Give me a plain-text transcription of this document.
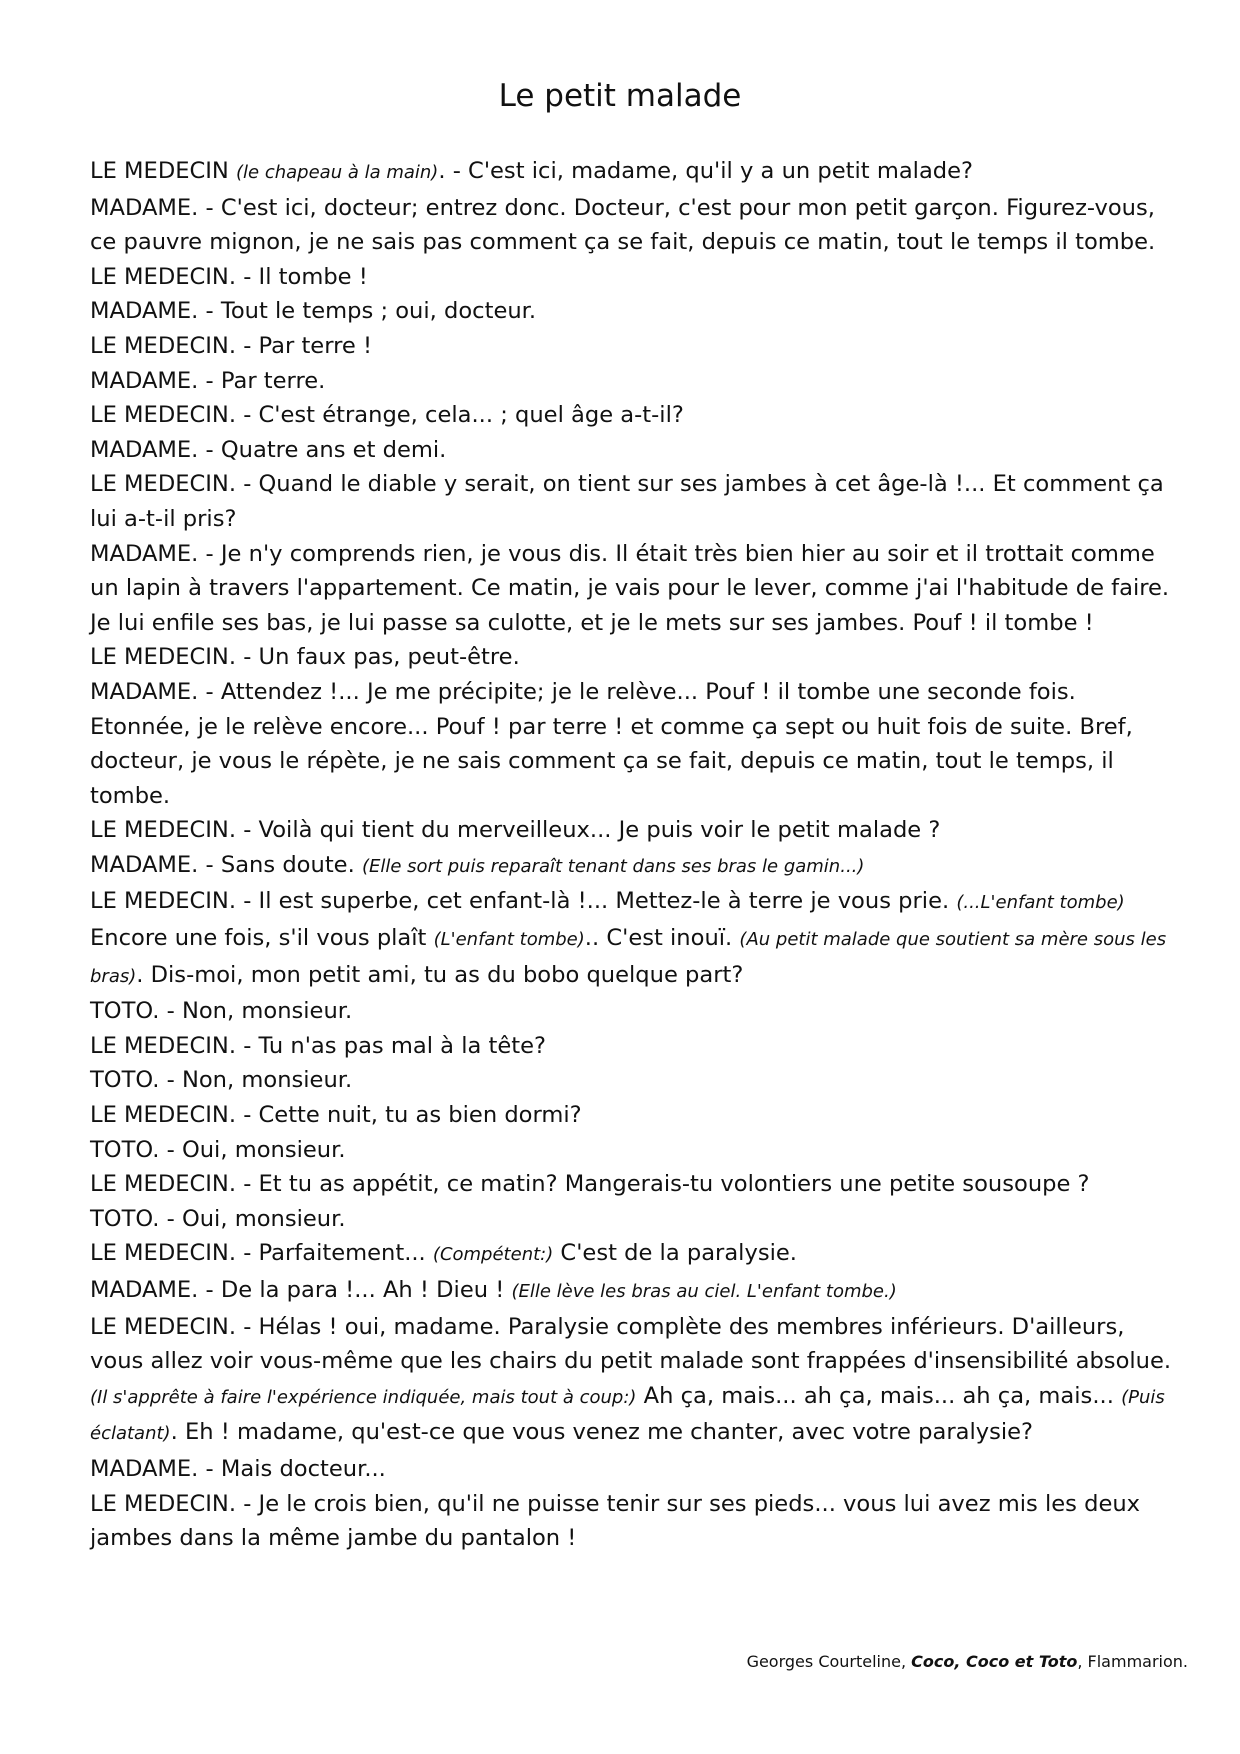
Le petit malade

LE MEDECIN (le chapeau à la main). - C'est ici, madame, qu'il y a un petit malade?

MADAME. - C'est ici, docteur; entrez donc. Docteur, c'est pour mon petit garçon. Figurez-vous, ce pauvre mignon, je ne sais pas comment ça se fait, depuis ce matin, tout le temps il tombe.

LE MEDECIN. - Il tombe !

MADAME. - Tout le temps ; oui, docteur.

LE MEDECIN. - Par terre !

MADAME. - Par terre.

LE MEDECIN. - C'est étrange, cela... ; quel âge a-t-il?

MADAME. - Quatre ans et demi.

LE MEDECIN. - Quand le diable y serait, on tient sur ses jambes à cet âge-là !... Et comment ça lui a-t-il pris?

MADAME. - Je n'y comprends rien, je vous dis. Il était très bien hier au soir et il trottait comme un lapin à travers l'appartement. Ce matin, je vais pour le lever, comme j'ai l'habitude de faire. Je lui enfile ses bas, je lui passe sa culotte, et je le mets sur ses jambes. Pouf ! il tombe !

LE MEDECIN. - Un faux pas, peut-être.

MADAME. - Attendez !... Je me précipite; je le relève... Pouf ! il tombe une seconde fois. Etonnée, je le relève encore... Pouf ! par terre ! et comme ça sept ou huit fois de suite. Bref, docteur, je vous le répète, je ne sais comment ça se fait, depuis ce matin, tout le temps, il tombe.

LE MEDECIN. - Voilà qui tient du merveilleux... Je puis voir le petit malade ?

MADAME. - Sans doute. (Elle sort puis reparaît tenant dans ses bras le gamin...)

LE MEDECIN. - Il est superbe, cet enfant-là !... Mettez-le à terre je vous prie. (...L'enfant tombe) Encore une fois, s'il vous plaît (L'enfant tombe).. C'est inouï. (Au petit malade que soutient sa mère sous les bras). Dis-moi, mon petit ami, tu as du bobo quelque part?

TOTO. - Non, monsieur.

LE MEDECIN. - Tu n'as pas mal à la tête?

TOTO. - Non, monsieur.

LE MEDECIN. - Cette nuit, tu as bien dormi?

TOTO. - Oui, monsieur.

LE MEDECIN. - Et tu as appétit, ce matin? Mangerais-tu volontiers une petite sousoupe ?

TOTO. - Oui, monsieur.

LE MEDECIN. - Parfaitement... (Compétent:) C'est de la paralysie.

MADAME. - De la para !... Ah ! Dieu ! (Elle lève les bras au ciel. L'enfant tombe.)

LE MEDECIN. - Hélas ! oui, madame. Paralysie complète des membres inférieurs. D'ailleurs, vous allez voir vous-même que les chairs du petit malade sont frappées d'insensibilité absolue. (Il s'apprête à faire l'expérience indiquée, mais tout à coup:) Ah ça, mais... ah ça, mais... ah ça, mais... (Puis éclatant). Eh ! madame, qu'est-ce que vous venez me chanter, avec votre paralysie?

MADAME. - Mais docteur...

LE MEDECIN. - Je le crois bien, qu'il ne puisse tenir sur ses pieds... vous lui avez mis les deux jambes dans la même jambe du pantalon !

Georges Courteline, Coco, Coco et Toto, Flammarion.
